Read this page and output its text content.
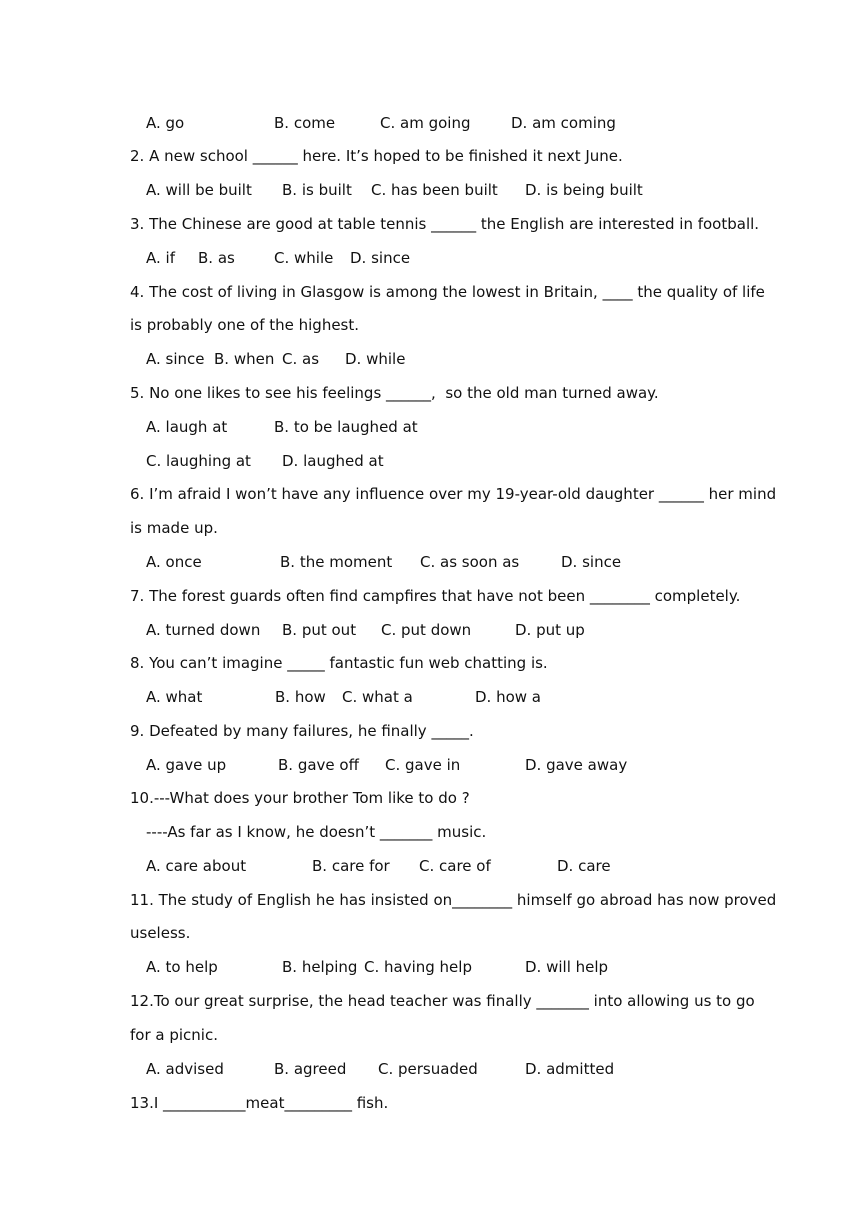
A. go	B. come	C. am going	D. am coming
2. A new school ______ here. It’s hoped to be finished it next June.
A. will be built B. is built C. has been built D. is being built
3. The Chinese are good at table tennis ______ the English are interested in football.
A. if B. as	C. while D. since
4. The cost of living in Glasgow is among the lowest in Britain, ____ the quality of life
is probably one of the highest.
A. since B. when C. as D. while
5. No one likes to see his feelings ______,  so the old man turned away.
A. laugh at	B. to be laughed at
C. laughing at D. laughed at
6. I’m afraid I won’t have any influence over my 19-year-old daughter ______ her mind
is made up.
A. once	B. the moment C. as soon as	D. since
7. The forest guards often find campfires that have not been ________ completely.
A. turned down B. put out C. put down	D. put up
8. You can’t imagine _____ fantastic fun web chatting is.
A. what	B. how C. what a	D. how a
9. Defeated by many failures, he finally _____.
A. gave up	B. gave off C. gave in	D. gave away
10.---What does your brother Tom like to do ?
----As far as I know, he doesn’t _______ music.
A. care about	B. care for C. care of	D. care
11. The study of English he has insisted on________ himself go abroad has now proved
useless.
A. to help	B. helping C. having help	D. will help
12.To our great surprise, the head teacher was finally _______ into allowing us to go
for a picnic.
A. advised	B. agreed C. persuaded	D. admitted
13.I ___________meat_________ fish.
